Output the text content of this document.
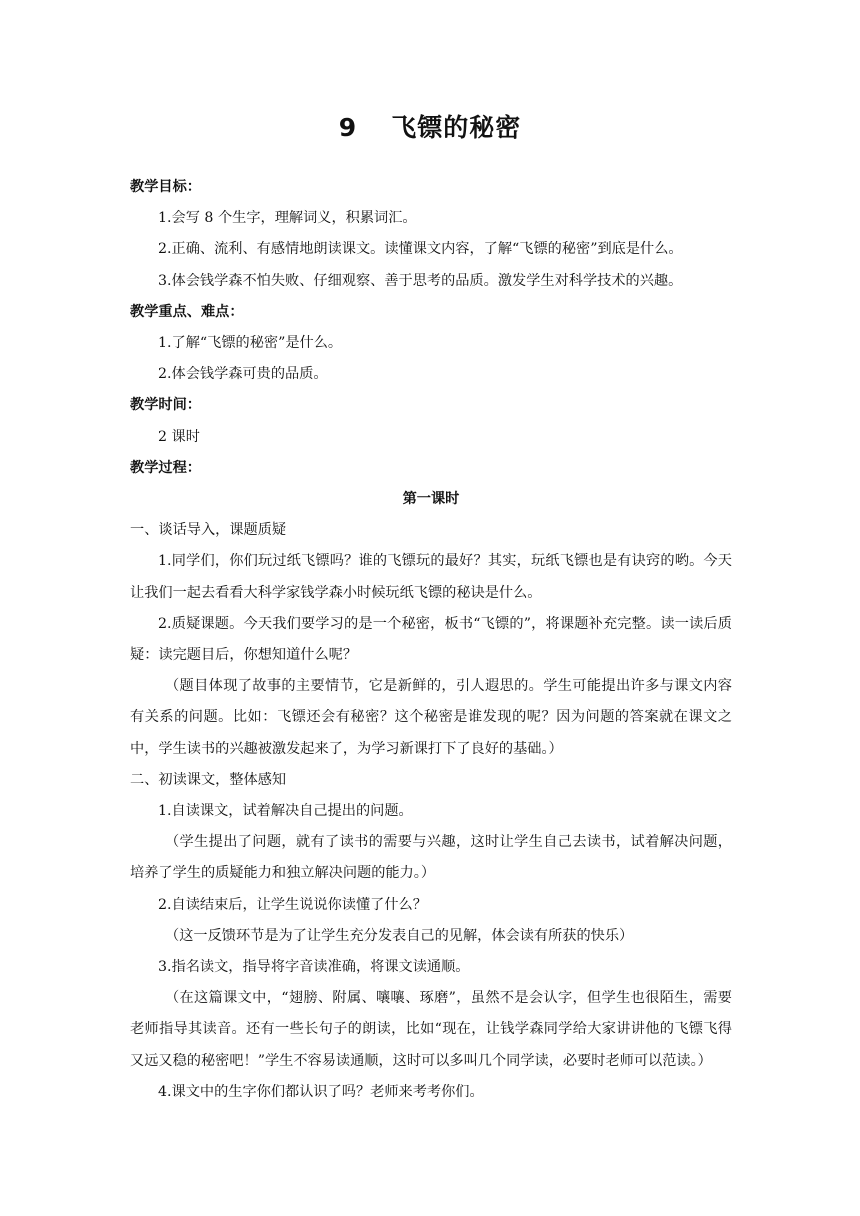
9 飞镖的秘密
教学目标：
1.会写 8 个生字，理解词义，积累词汇。
2.正确、流利、有感情地朗读课文。读懂课文内容，了解“飞镖的秘密”到底是什么。
3.体会钱学森不怕失败、仔细观察、善于思考的品质。激发学生对科学技术的兴趣。
教学重点、难点：
1.了解“飞镖的秘密”是什么。
2.体会钱学森可贵的品质。
教学时间：
2 课时
教学过程：
第一课时
一、谈话导入，课题质疑
1.同学们，你们玩过纸飞镖吗？谁的飞镖玩的最好？其实，玩纸飞镖也是有诀窍的哟。今天让我们一起去看看大科学家钱学森小时候玩纸飞镖的秘诀是什么。
2.质疑课题。今天我们要学习的是一个秘密，板书“飞镖的”，将课题补充完整。读一读后质疑：读完题目后，你想知道什么呢？
（题目体现了故事的主要情节，它是新鲜的，引人遐思的。学生可能提出许多与课文内容有关系的问题。比如：飞镖还会有秘密？这个秘密是谁发现的呢？因为问题的答案就在课文之中，学生读书的兴趣被激发起来了，为学习新课打下了良好的基础。）
二、初读课文，整体感知
1.自读课文，试着解决自己提出的问题。
（学生提出了问题，就有了读书的需要与兴趣，这时让学生自己去读书，试着解决问题，培养了学生的质疑能力和独立解决问题的能力。）
2.自读结束后，让学生说说你读懂了什么？
（这一反馈环节是为了让学生充分发表自己的见解，体会读有所获的快乐）
3.指名读文，指导将字音读准确，将课文读通顺。
（在这篇课文中，“翅膀、附属、嚷嚷、琢磨”，虽然不是会认字，但学生也很陌生，需要老师指导其读音。还有一些长句子的朗读，比如“现在，让钱学森同学给大家讲讲他的飞镖飞得又远又稳的秘密吧！”学生不容易读通顺，这时可以多叫几个同学读，必要时老师可以范读。）
4.课文中的生字你们都认识了吗？老师来考考你们。
